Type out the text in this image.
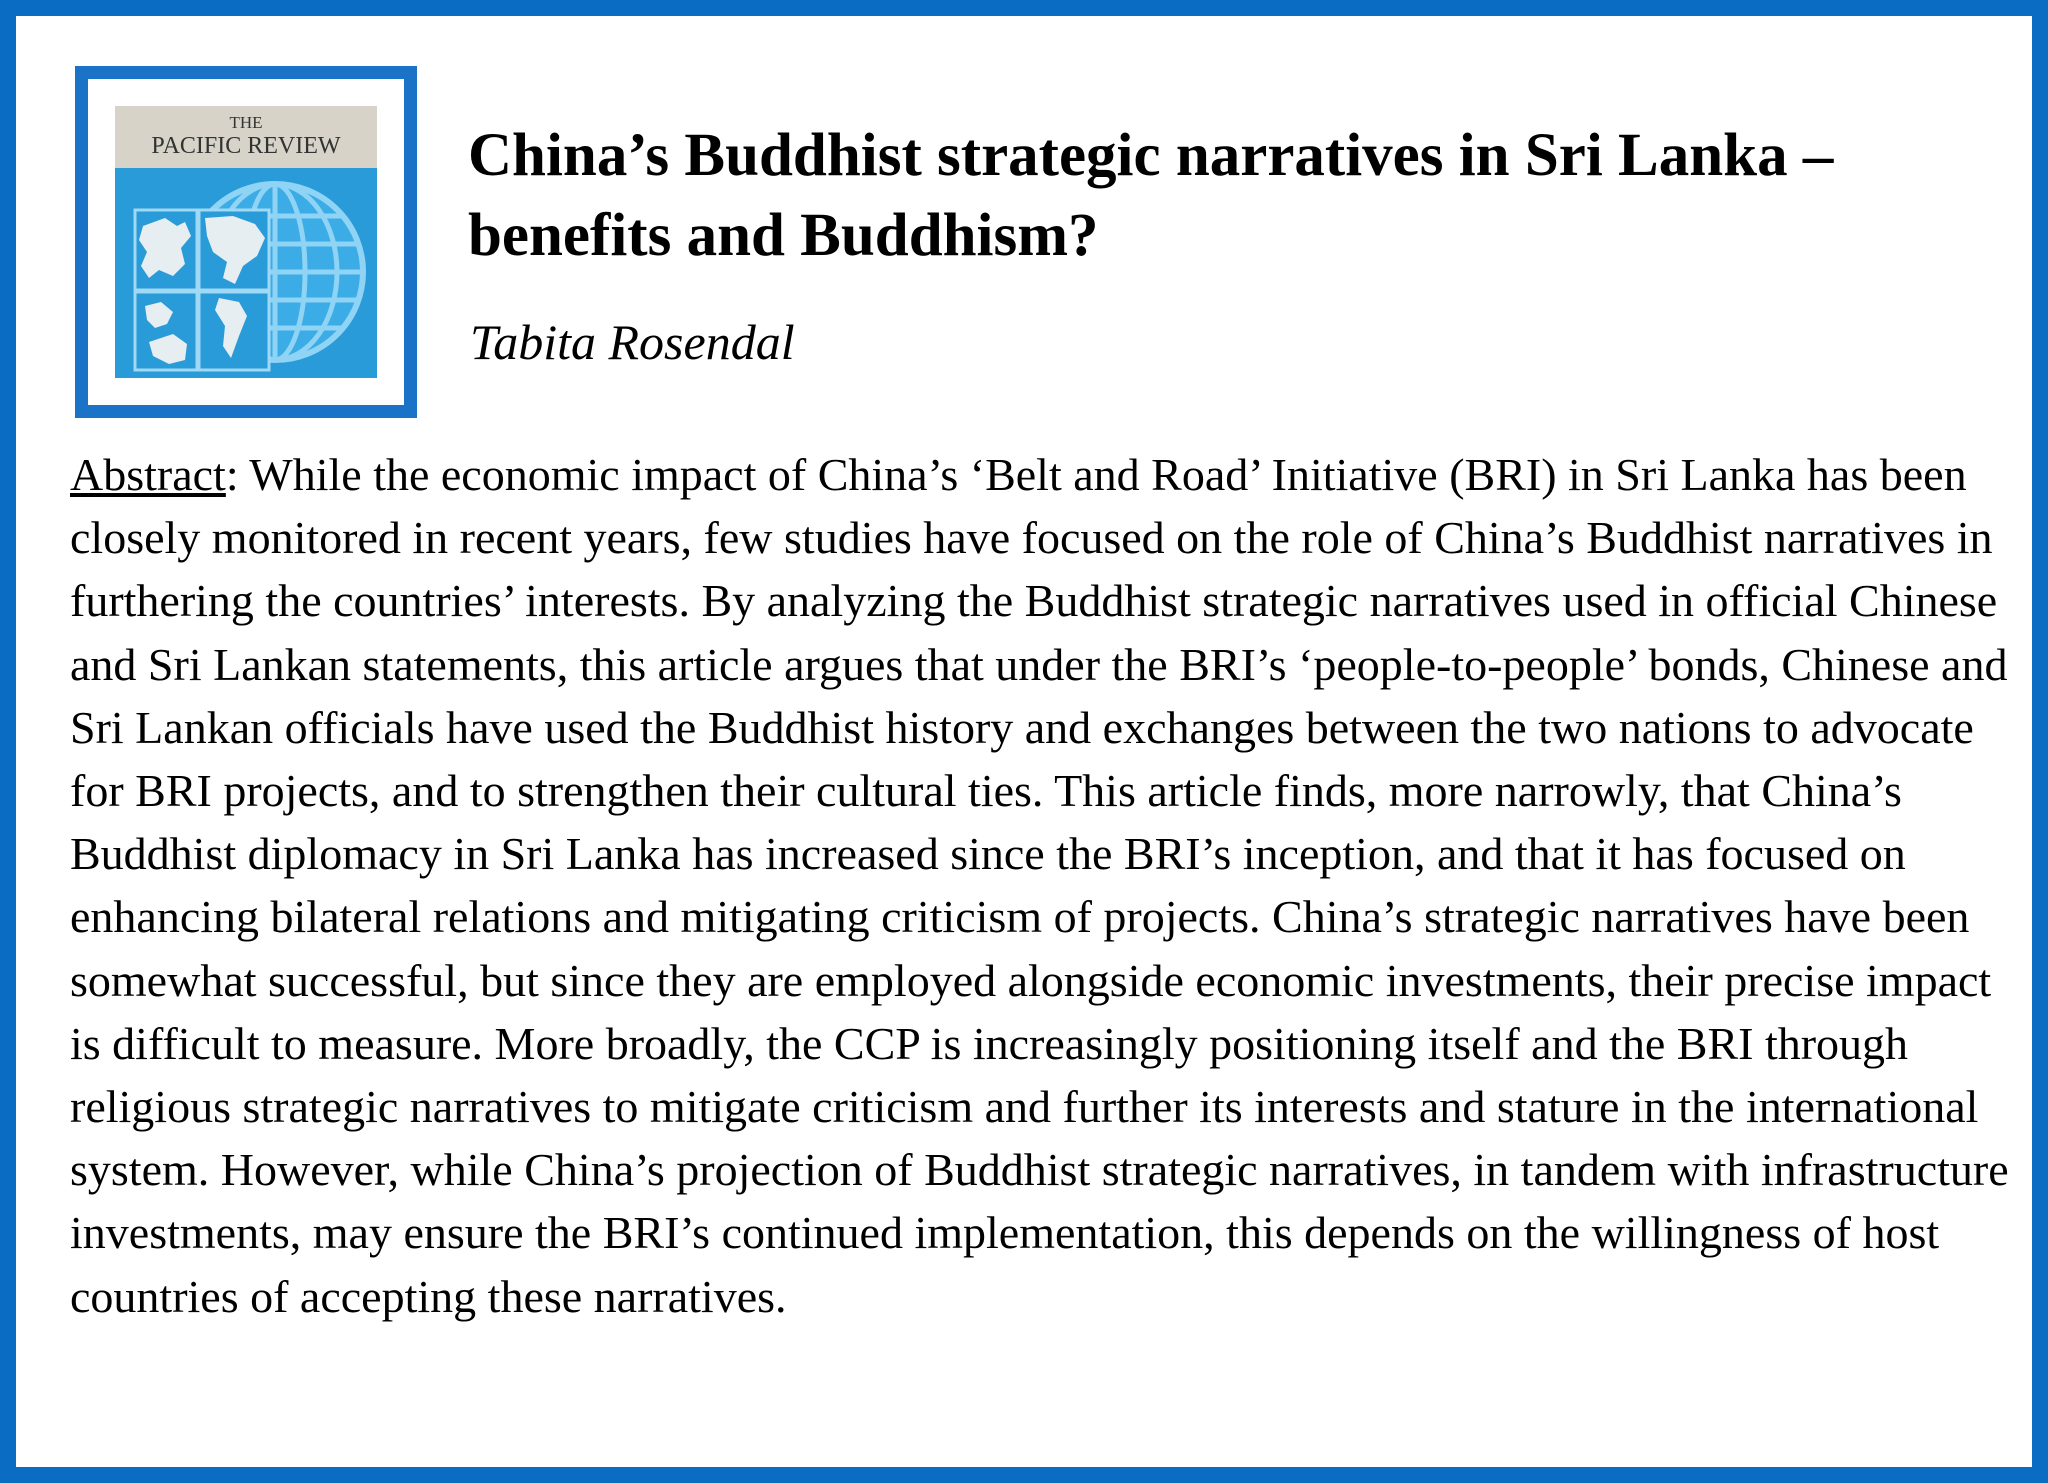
THE
PACIFIC REVIEW China’s Buddhist strategic narratives in Sri Lanka – benefits and Buddhism?

Tabita Rosendal

Abstract: While the economic impact of China’s ‘Belt and Road’ Initiative (BRI) in Sri Lanka has been closely monitored in recent years, few studies have focused on the role of China’s Buddhist narratives in furthering the countries’ interests. By analyzing the Buddhist strategic narratives used in official Chinese and Sri Lankan statements, this article argues that under the BRI’s ‘people-to-people’ bonds, Chinese and Sri Lankan officials have used the Buddhist history and exchanges between the two nations to advocate for BRI projects, and to strengthen their cultural ties. This article finds, more narrowly, that China’s Buddhist diplomacy in Sri Lanka has increased since the BRI’s inception, and that it has focused on enhancing bilateral relations and mitigating criticism of projects. China’s strategic narratives have been somewhat successful, but since they are employed alongside economic investments, their precise impact is difficult to measure. More broadly, the CCP is increasingly positioning itself and the BRI through religious strategic narratives to mitigate criticism and further its interests and stature in the international system. However, while China’s projection of Buddhist strategic narratives, in tandem with infrastructure investments, may ensure the BRI’s continued implementation, this depends on the willingness of host countries of accepting these narratives.
